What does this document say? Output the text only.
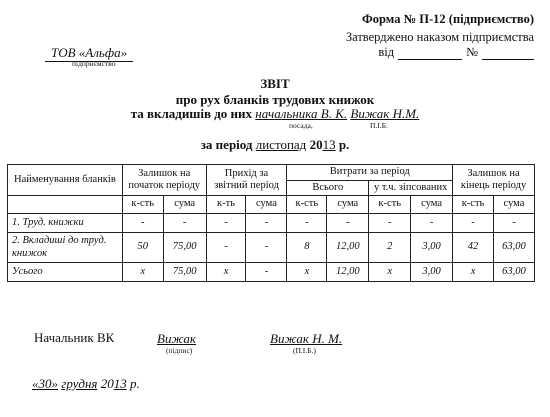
Форма № П-12 (підприємство)
Затверджено наказом підприємства
від	№
ТОВ «Альфа»
підприємство
ЗВІТ
про рух бланків трудових книжок
та вкладишів до них начальника В. К. Вижак Н.М.
посада,	П.І.Б.
за період листопад 2013 р.
Найменування бланків	Залишок на початок періоду		Прихід за звітний період		Витрати за період				Залишок на кінець періоду	
					Всього		у т.ч. зіпсованих			
	к-сть	сума	к-ть	сума	к-сть	сума	к-сть	сума	к-сть	сума
1. Труд. книжки	-	-	-	-	-	-	-	-	-	-
2. Вкладиші до труд. книжок	50	75,00	-	-	8	12,00	2	3,00	42	63,00
Усього	х	75,00	х	-	х	12,00	х	3,00	х	63,00
Начальник ВК	Вижак
(підпис)
Вижак Н. М.
(П.І.Б.)
«30» грудня 2013 р.
